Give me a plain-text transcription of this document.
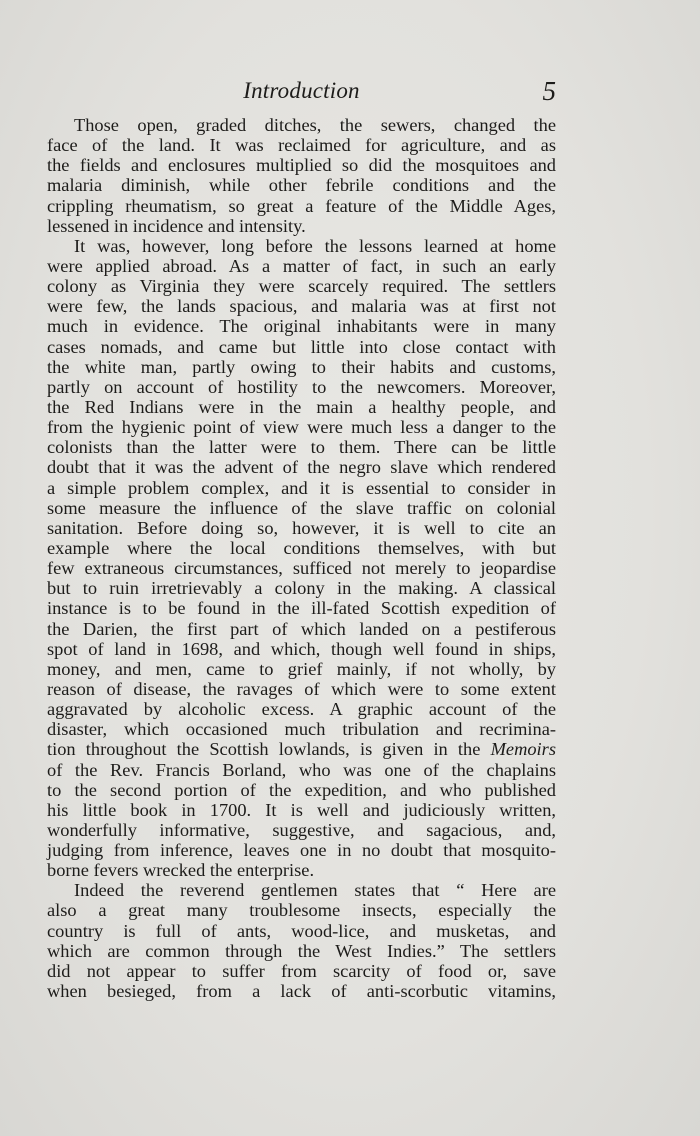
Introduction	5
Those open, graded ditches, the sewers, changed the
face of the land. It was reclaimed for agriculture, and as
the fields and enclosures multiplied so did the mosquitoes and
malaria diminish, while other febrile conditions and the
crippling rheumatism, so great a feature of the Middle Ages,
lessened in incidence and intensity.
It was, however, long before the lessons learned at home
were applied abroad. As a matter of fact, in such an early
colony as Virginia they were scarcely required. The settlers
were few, the lands spacious, and malaria was at first not
much in evidence. The original inhabitants were in many
cases nomads, and came but little into close contact with
the white man, partly owing to their habits and customs,
partly on account of hostility to the newcomers. Moreover,
the Red Indians were in the main a healthy people, and
from the hygienic point of view were much less a danger to the
colonists than the latter were to them. There can be little
doubt that it was the advent of the negro slave which rendered
a simple problem complex, and it is essential to consider in
some measure the influence of the slave traffic on colonial
sanitation. Before doing so, however, it is well to cite an
example where the local conditions themselves, with but
few extraneous circumstances, sufficed not merely to jeopardise
but to ruin irretrievably a colony in the making. A classical
instance is to be found in the ill-fated Scottish expedition of
the Darien, the first part of which landed on a pestiferous
spot of land in 1698, and which, though well found in ships,
money, and men, came to grief mainly, if not wholly, by
reason of disease, the ravages of which were to some extent
aggravated by alcoholic excess. A graphic account of the
disaster, which occasioned much tribulation and recrimina-
tion throughout the Scottish lowlands, is given in the Memoirs
of the Rev. Francis Borland, who was one of the chaplains
to the second portion of the expedition, and who published
his little book in 1700. It is well and judiciously written,
wonderfully informative, suggestive, and sagacious, and,
judging from inference, leaves one in no doubt that mosquito-
borne fevers wrecked the enterprise.
Indeed the reverend gentlemen states that “ Here are
also a great many troublesome insects, especially the
country is full of ants, wood-lice, and musketas, and
which are common through the West Indies.” The settlers
did not appear to suffer from scarcity of food or, save
when besieged, from a lack of anti-scorbutic vitamins,
